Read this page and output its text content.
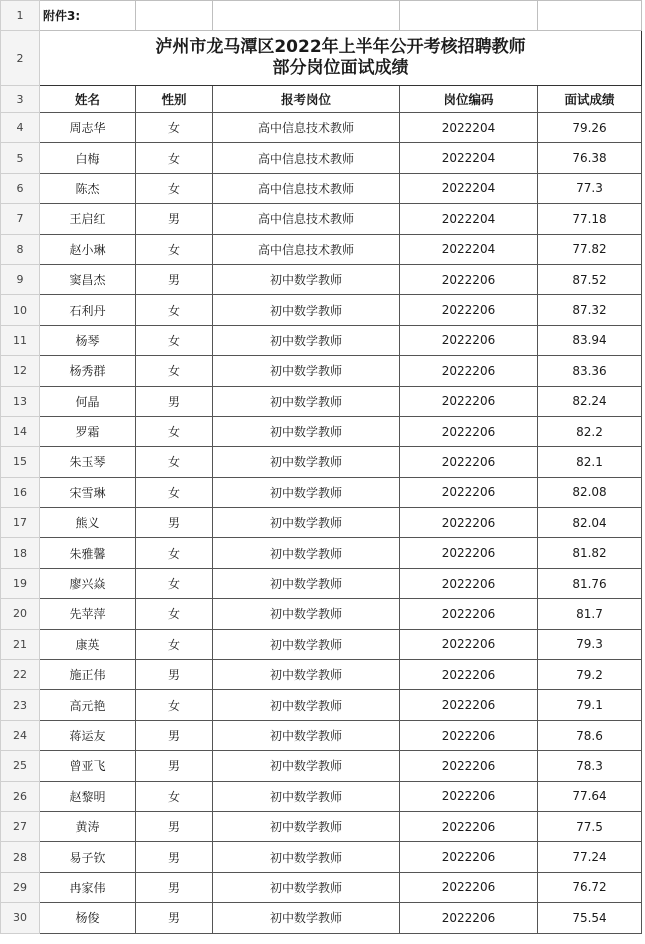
1	附件3:				
2	泸州市龙马潭区2022年上半年公开考核招聘教师
部分岗位面试成绩				

3	姓名	性别	报考岗位	岗位编码	面试成绩
4	周志华	女	高中信息技术教师	2022204	79.26
5	白梅	女	高中信息技术教师	2022204	76.38
6	陈杰	女	高中信息技术教师	2022204	77.3
7	王启红	男	高中信息技术教师	2022204	77.18
8	赵小琳	女	高中信息技术教师	2022204	77.82
9	窦昌杰	男	初中数学教师	2022206	87.52
10	石利丹	女	初中数学教师	2022206	87.32
11	杨琴	女	初中数学教师	2022206	83.94
12	杨秀群	女	初中数学教师	2022206	83.36
13	何晶	男	初中数学教师	2022206	82.24
14	罗霜	女	初中数学教师	2022206	82.2
15	朱玉琴	女	初中数学教师	2022206	82.1
16	宋雪琳	女	初中数学教师	2022206	82.08
17	熊义	男	初中数学教师	2022206	82.04
18	朱雅馨	女	初中数学教师	2022206	81.82
19	廖兴焱	女	初中数学教师	2022206	81.76
20	先苹萍	女	初中数学教师	2022206	81.7
21	康英	女	初中数学教师	2022206	79.3
22	施正伟	男	初中数学教师	2022206	79.2
23	高元艳	女	初中数学教师	2022206	79.1
24	蒋运友	男	初中数学教师	2022206	78.6
25	曾亚飞	男	初中数学教师	2022206	78.3
26	赵黎明	女	初中数学教师	2022206	77.64
27	黄涛	男	初中数学教师	2022206	77.5
28	易子钦	男	初中数学教师	2022206	77.24
29	冉家伟	男	初中数学教师	2022206	76.72
30	杨俊	男	初中数学教师	2022206	75.54
